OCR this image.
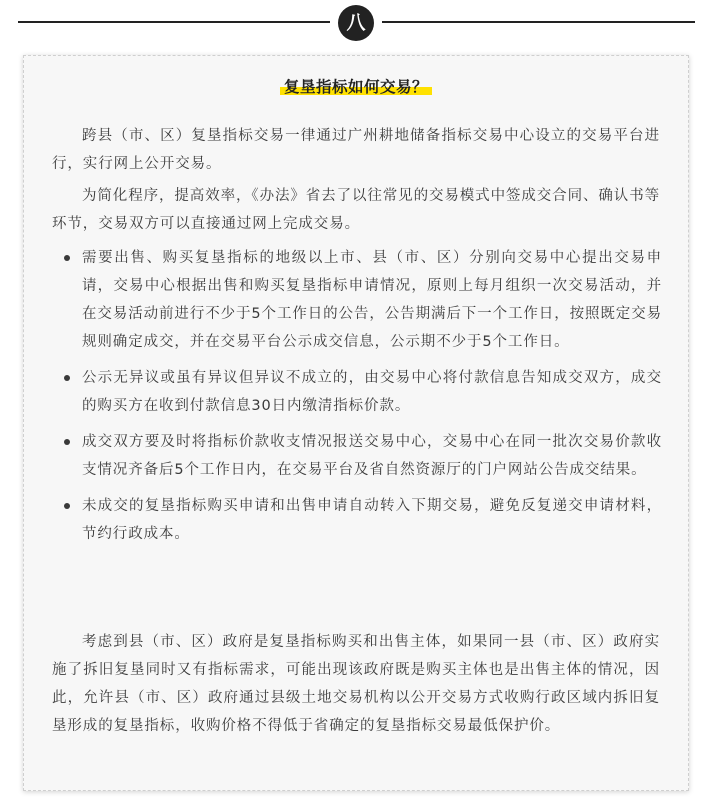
八
复垦指标如何交易？

跨县（市、区）复垦指标交易一律通过广州耕地储备指标交易中心设立的交易平台进行，实行网上公开交易。

为简化程序，提高效率，《办法》省去了以往常见的交易模式中签成交合同、确认书等环节，交易双方可以直接通过网上完成交易。

需要出售、购买复垦指标的地级以上市、县（市、区）分别向交易中心提出交易申请，交易中心根据出售和购买复垦指标申请情况，原则上每月组织一次交易活动，并在交易活动前进行不少于5个工作日的公告，公告期满后下一个工作日，按照既定交易规则确定成交，并在交易平台公示成交信息，公示期不少于5个工作日。
公示无异议或虽有异议但异议不成立的，由交易中心将付款信息告知成交双方，成交的购买方在收到付款信息30日内缴清指标价款。
成交双方要及时将指标价款收支情况报送交易中心，交易中心在同一批次交易价款收支情况齐备后5个工作日内，在交易平台及省自然资源厅的门户网站公告成交结果。
未成交的复垦指标购买申请和出售申请自动转入下期交易，避免反复递交申请材料，节约行政成本。

考虑到县（市、区）政府是复垦指标购买和出售主体，如果同一县（市、区）政府实施了拆旧复垦同时又有指标需求，可能出现该政府既是购买主体也是出售主体的情况，因此，允许县（市、区）政府通过县级土地交易机构以公开交易方式收购行政区域内拆旧复垦形成的复垦指标，收购价格不得低于省确定的复垦指标交易最低保护价。
